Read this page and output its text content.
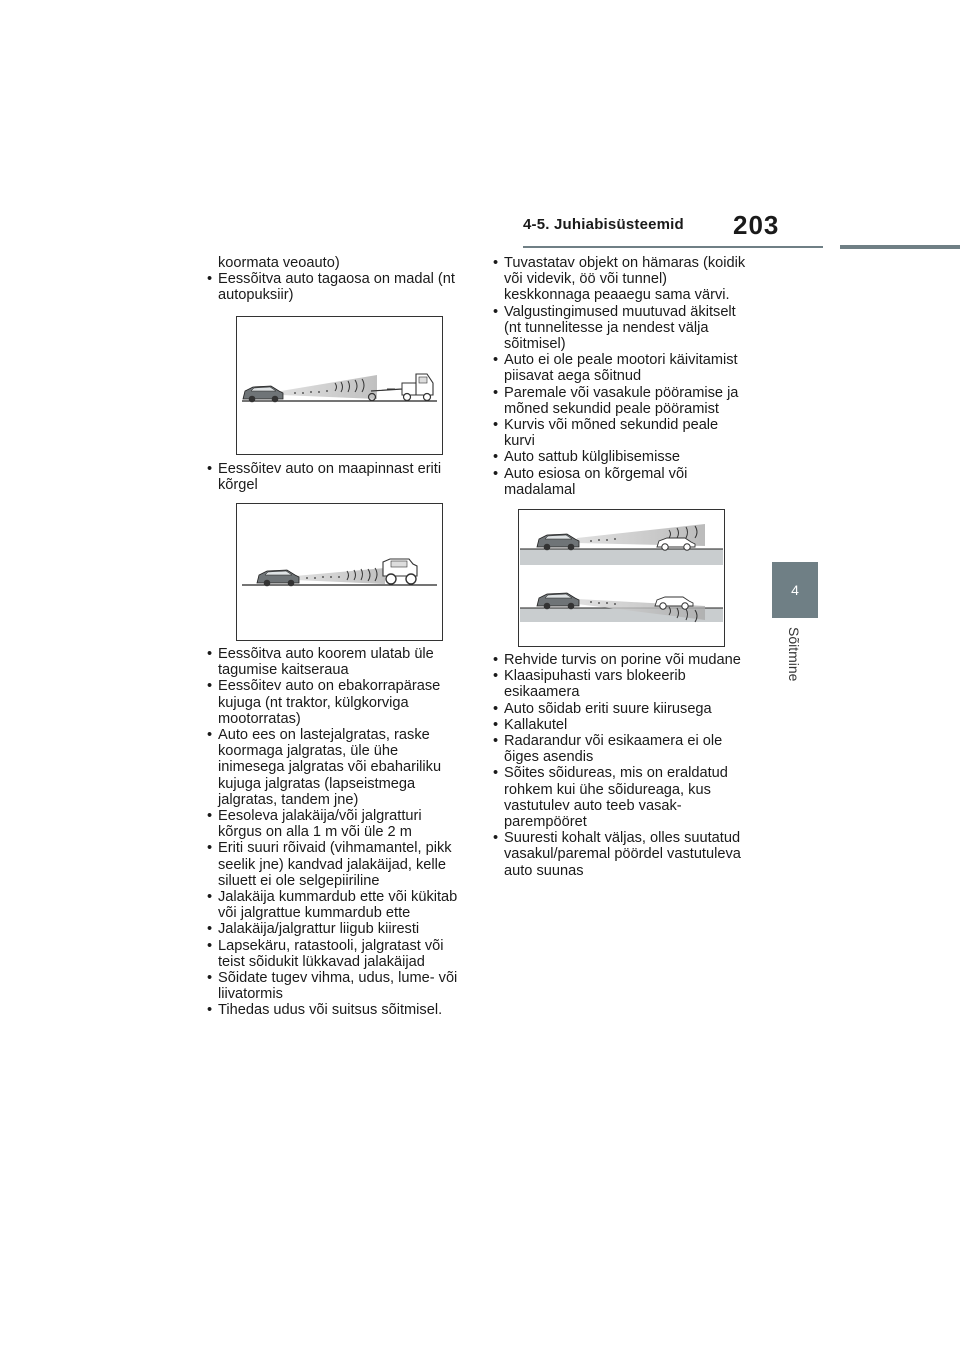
4-5. Juhiabisüsteemid 203
4
Sõitmine
koormata veoauto)
• Eessõitva auto tagaosa on madal (nt
autopuksiir)
• Eessõitev auto on maapinnast eriti
kõrgel
• Eessõitva auto koorem ulatab üle
tagumise kaitseraua
• Eessõitev auto on ebakorrapärase
kujuga (nt traktor, külgkorviga
mootorratas)
• Auto ees on lastejalgratas, raske
koormaga jalgratas, üle ühe
inimesega jalgratas või ebahariliku
kujuga jalgratas (lapseistmega
jalgratas, tandem jne)
• Eesoleva jalakäija/või jalgratturi
kõrgus on alla 1 m või üle 2 m
• Eriti suuri rõivaid (vihmamantel, pikk
seelik jne) kandvad jalakäijad, kelle
siluett ei ole selgepiiriline
• Jalakäija kummardub ette või kükitab
või jalgrattue kummardub ette
• Jalakäija/jalgrattur liigub kiiresti
• Lapsekäru, ratastooli, jalgratast või
teist sõidukit lükkavad jalakäijad
• Sõidate tugev vihma, udus, lume- või
liivatormis
• Tihedas udus või suitsus sõitmisel.
• Tuvastatav objekt on hämaras (koidik
või videvik, öö või tunnel)
keskkonnaga peaaegu sama värvi.
• Valgustingimused muutuvad äkitselt
(nt tunnelitesse ja nendest välja
sõitmisel)
• Auto ei ole peale mootori käivitamist
piisavat aega sõitnud
• Paremale või vasakule pööramise ja
mõned sekundid peale pööramist
• Kurvis või mõned sekundid peale
kurvi
• Auto sattub külglibisemisse
• Auto esiosa on kõrgemal või
madalamal
• Rehvide turvis on porine või mudane
• Klaasipuhasti vars blokeerib
esikaamera
• Auto sõidab eriti suure kiirusega
• Kallakutel
• Radarandur või esikaamera ei ole
õiges asendis
• Sõites sõidureas, mis on eraldatud
rohkem kui ühe sõidureaga, kus
vastutulev auto teeb vasak-
parempööret
• Suuresti kohalt väljas, olles suutatud
vasakul/paremal pöördel vastutuleva
auto suunas
